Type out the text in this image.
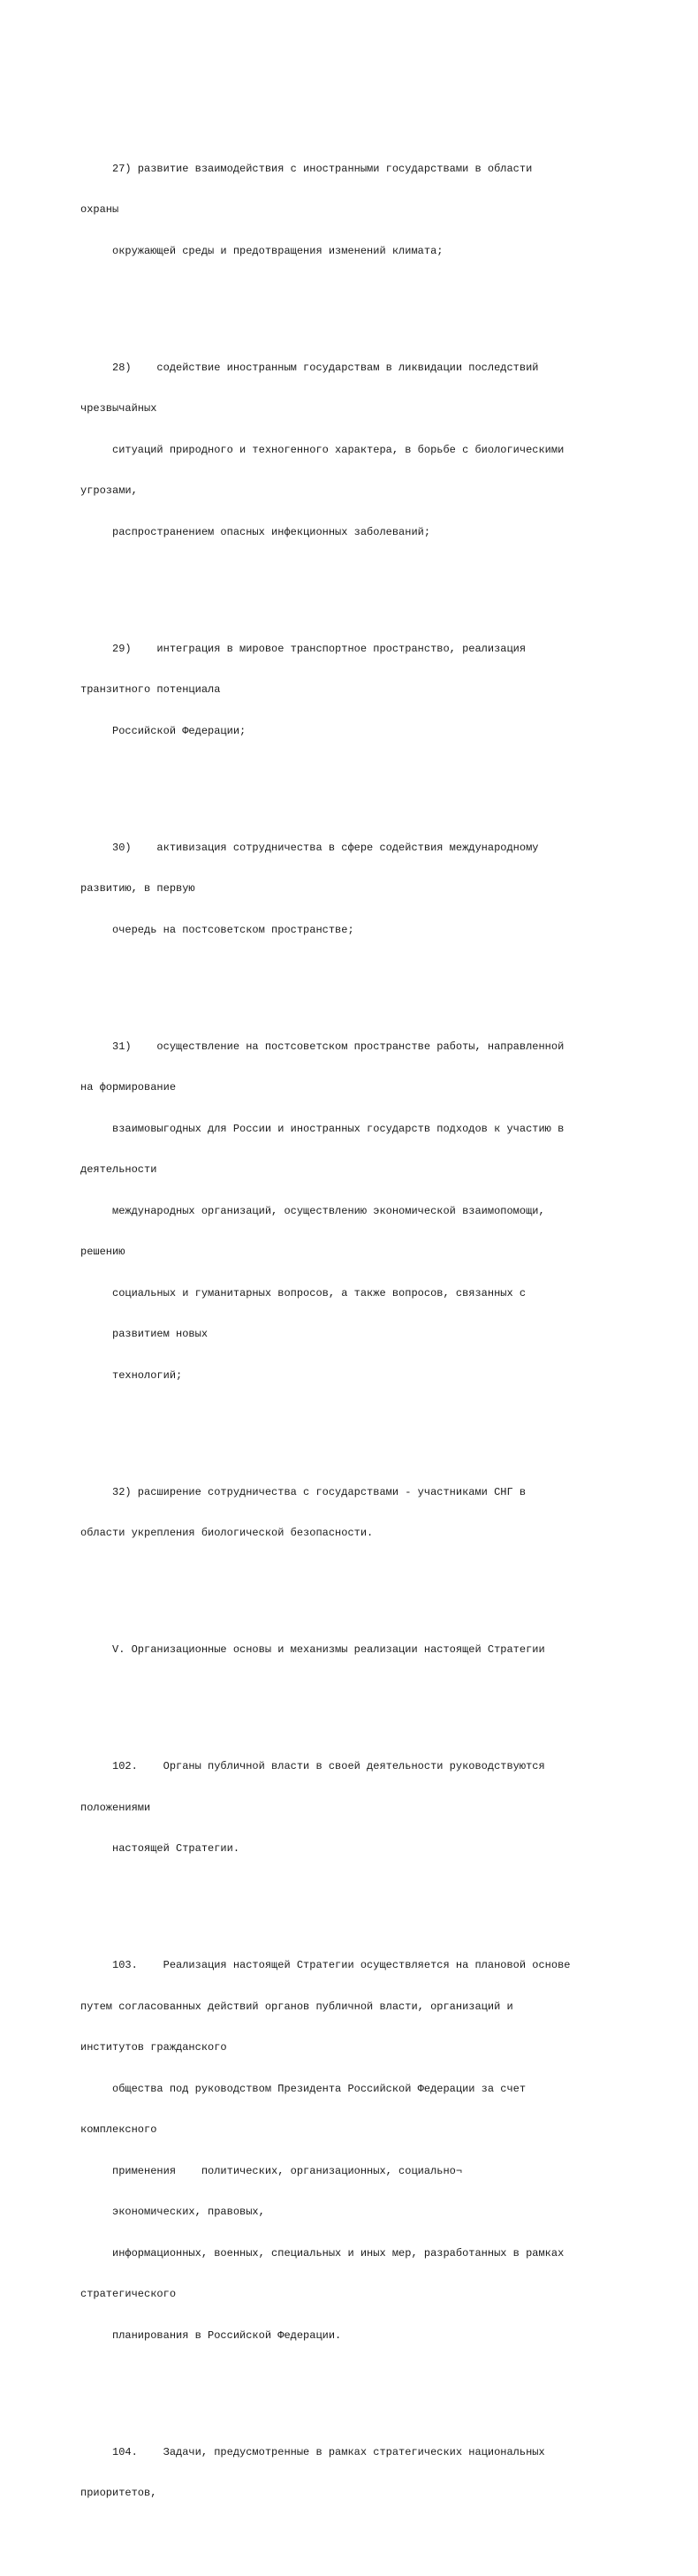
27) развитие взаимодействия с иностранными государствами в области

охраны

окружающей среды и предотвращения изменений климата;

28)    содействие иностранным государствам в ликвидации последствий

чрезвычайных

ситуаций природного и техногенного характера, в борьбе с биологическими

угрозами,

распространением опасных инфекционных заболеваний;

29)    интеграция в мировое транспортное пространство, реализация

транзитного потенциала

Российской Федерации;

30)    активизация сотрудничества в сфере содействия международному

развитию, в первую

очередь на постсоветском пространстве;

31)    осуществление на постсоветском пространстве работы, направленной

на формирование

взаимовыгодных для России и иностранных государств подходов к участию в

деятельности

международных организаций, осуществлению экономической взаимопомощи,

решению

социальных и гуманитарных вопросов, а также вопросов, связанных с

развитием новых

технологий;

32) расширение сотрудничества с государствами - участниками СНГ в

области укрепления биологической безопасности.

V. Организационные основы и механизмы реализации настоящей Стратегии

102.    Органы публичной власти в своей деятельности руководствуются

положениями

настоящей Стратегии.

103.    Реализация настоящей Стратегии осуществляется на плановой основе

путем согласованных действий органов публичной власти, организаций и

институтов гражданского

общества под руководством Президента Российской Федерации за счет

комплексного

применения    политических, организационных, социально¬

экономических, правовых,

информационных, военных, специальных и иных мер, разработанных в рамках

стратегического

планирования в Российской Федерации.

104.    Задачи, предусмотренные в рамках стратегических национальных

приоритетов,
